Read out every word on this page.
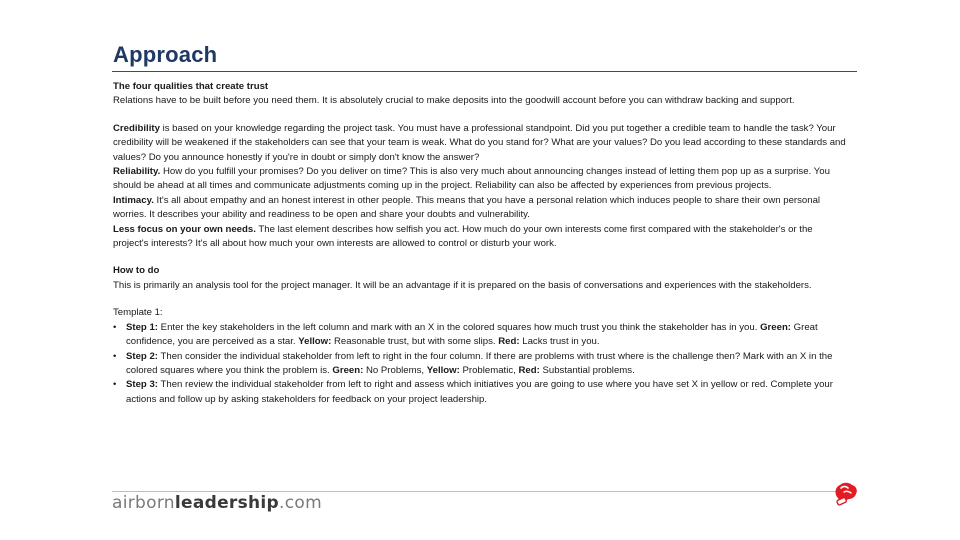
Approach

The four qualities that create trust

Relations have to be built before you need them. It is absolutely crucial to make deposits into the goodwill account before you can withdraw backing and support.

Credibility is based on your knowledge regarding the project task. You must have a professional standpoint. Did you put together a credible team to handle the task? Your credibility will be weakened if the stakeholders can see that your team is weak. What do you stand for? What are your values? Do you lead according to these standards and values? Do you announce honestly if you're in doubt or simply don't know the answer?

Reliability. How do you fulfill your promises? Do you deliver on time? This is also very much about announcing changes instead of letting them pop up as a surprise. You should be ahead at all times and communicate adjustments coming up in the project. Reliability can also be affected by experiences from previous projects.

Intimacy. It's all about empathy and an honest interest in other people. This means that you have a personal relation which induces people to share their own personal worries. It describes your ability and readiness to be open and share your doubts and vulnerability.

Less focus on your own needs. The last element describes how selfish you act. How much do your own interests come first compared with the stakeholder's or the project's interests? It's all about how much your own interests are allowed to control or disturb your work.

How to do

This is primarily an analysis tool for the project manager. It will be an advantage if it is prepared on the basis of conversations and experiences with the stakeholders.

Template 1:

• Step 1: Enter the key stakeholders in the left column and mark with an X in the colored squares how much trust you think the stakeholder has in you. Green: Great confidence, you are perceived as a star. Yellow: Reasonable trust, but with some slips. Red: Lacks trust in you.
• Step 2: Then consider the individual stakeholder from left to right in the four column. If there are problems with trust where is the challenge then? Mark with an X in the colored squares where you think the problem is. Green: No Problems, Yellow: Problematic, Red: Substantial problems.
• Step 3: Then review the individual stakeholder from left to right and assess which initiatives you are going to use where you have set X in yellow or red. Complete your actions and follow up by asking stakeholders for feedback on your project leadership.
airbornleadership.com
